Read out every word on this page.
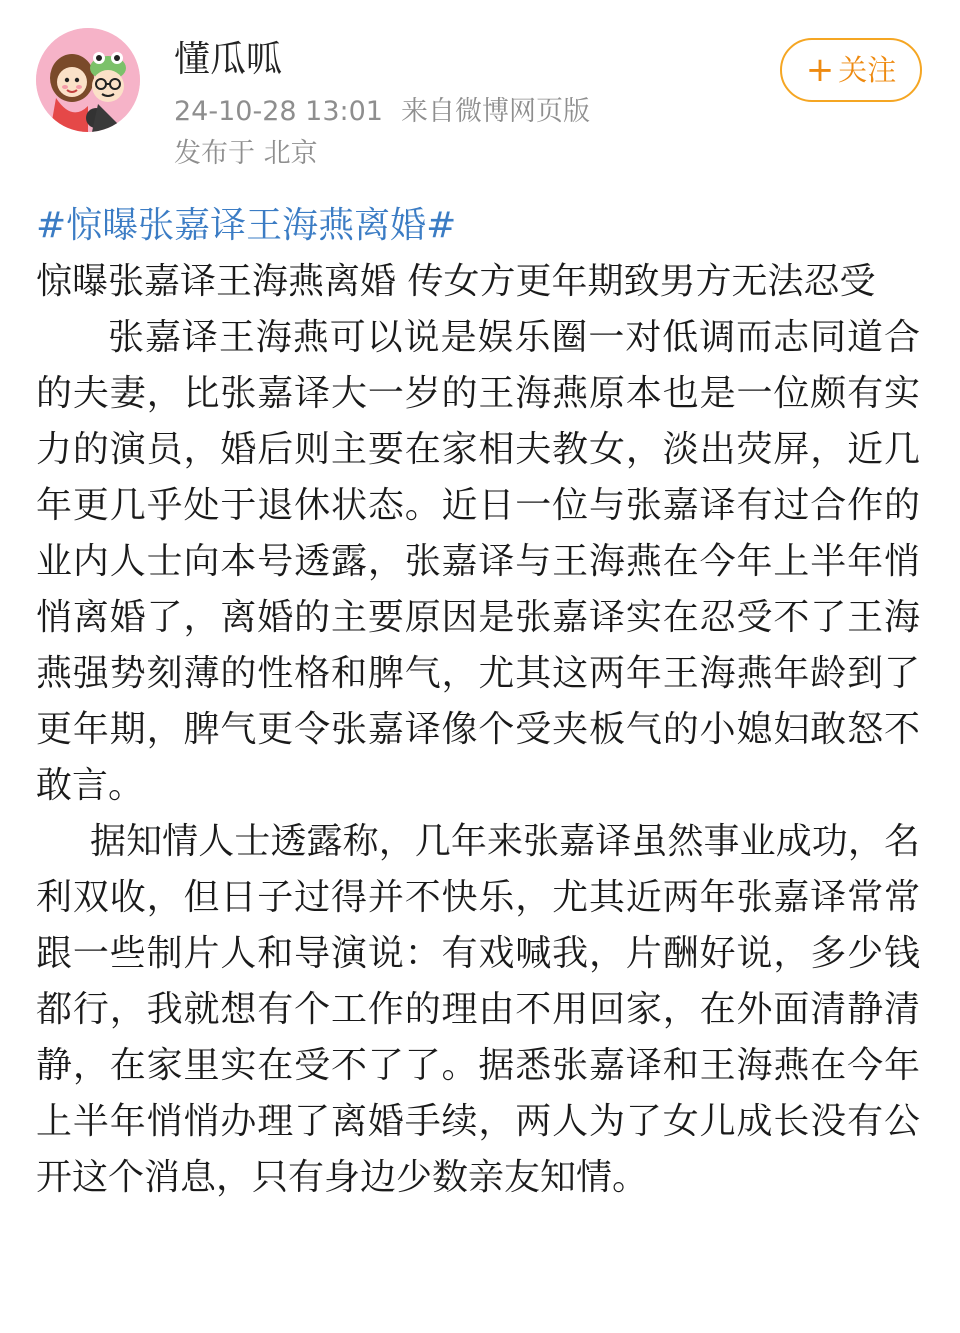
懂瓜呱
24-10-28 13:01 来自微博网页版
发布于 北京
+ 关注
#惊曝张嘉译王海燕离婚#
惊曝张嘉译王海燕离婚 传女方更年期致男方无法忍受
张嘉译王海燕可以说是娱乐圈一对低调而志同道合的夫妻，比张嘉译大一岁的王海燕原本也是一位颇有实力的演员，婚后则主要在家相夫教女，淡出荧屏，近几年更几乎处于退休状态。近日一位与张嘉译有过合作的业内人士向本号透露，张嘉译与王海燕在今年上半年悄悄离婚了，离婚的主要原因是张嘉译实在忍受不了王海燕强势刻薄的性格和脾气，尤其这两年王海燕年龄到了更年期，脾气更令张嘉译像个受夹板气的小媳妇敢怒不敢言。
据知情人士透露称，几年来张嘉译虽然事业成功，名利双收，但日子过得并不快乐，尤其近两年张嘉译常常跟一些制片人和导演说：有戏喊我，片酬好说，多少钱都行，我就想有个工作的理由不用回家，在外面清静清静，在家里实在受不了了。据悉张嘉译和王海燕在今年上半年悄悄办理了离婚手续，两人为了女儿成长没有公开这个消息，只有身边少数亲友知情。
